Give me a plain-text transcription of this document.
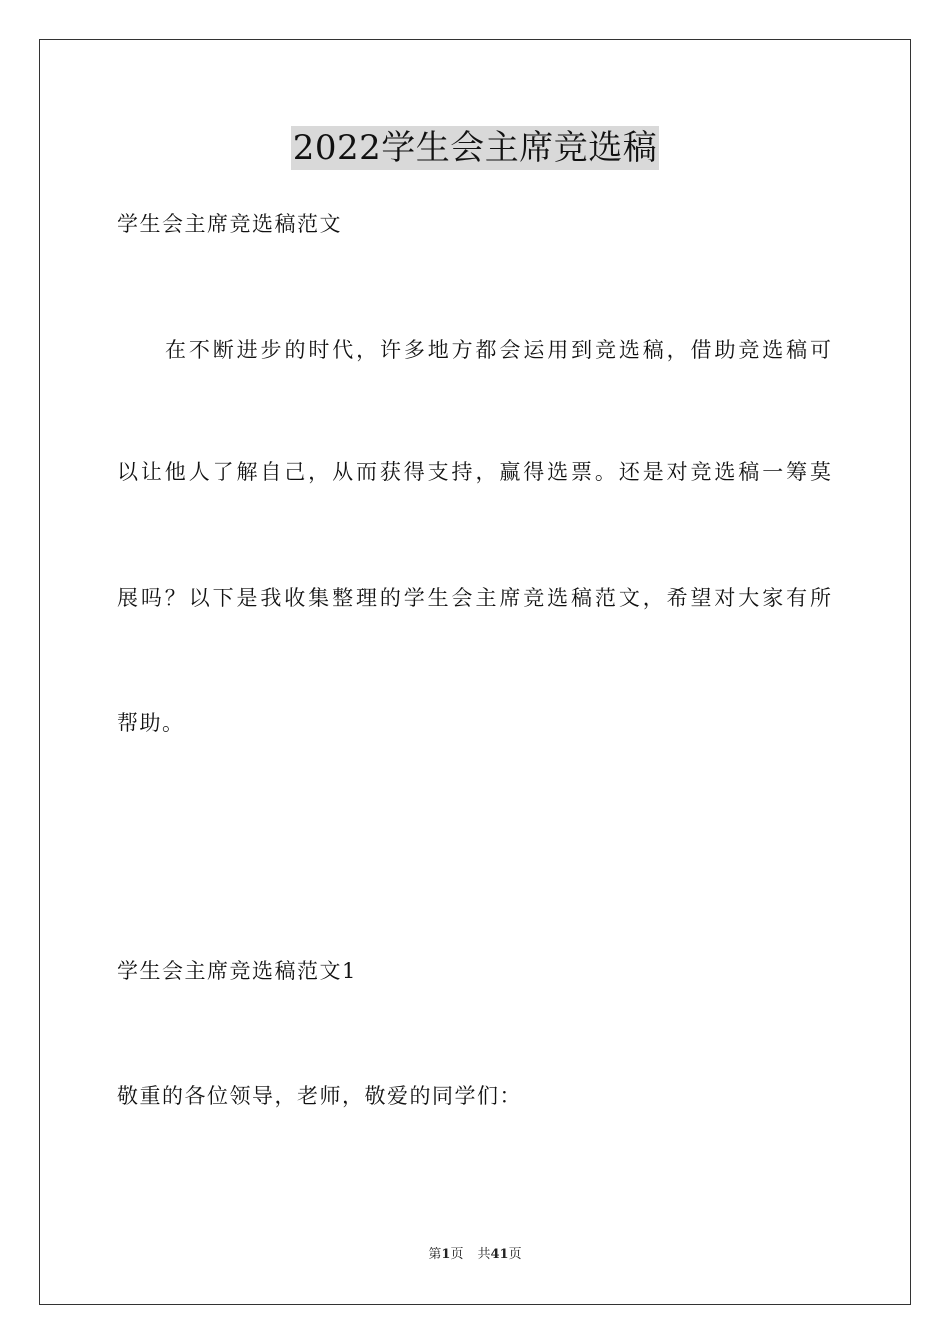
2022学生会主席竞选稿
学生会主席竞选稿范文
在不断进步的时代，许多地方都会运用到竞选稿，借助竞选稿可
以让他人了解自己，从而获得支持，赢得选票。还是对竞选稿一筹莫
展吗？以下是我收集整理的学生会主席竞选稿范文，希望对大家有所
帮助。
学生会主席竞选稿范文1
敬重的各位领导，老师，敬爱的同学们：
第1页 共41页
